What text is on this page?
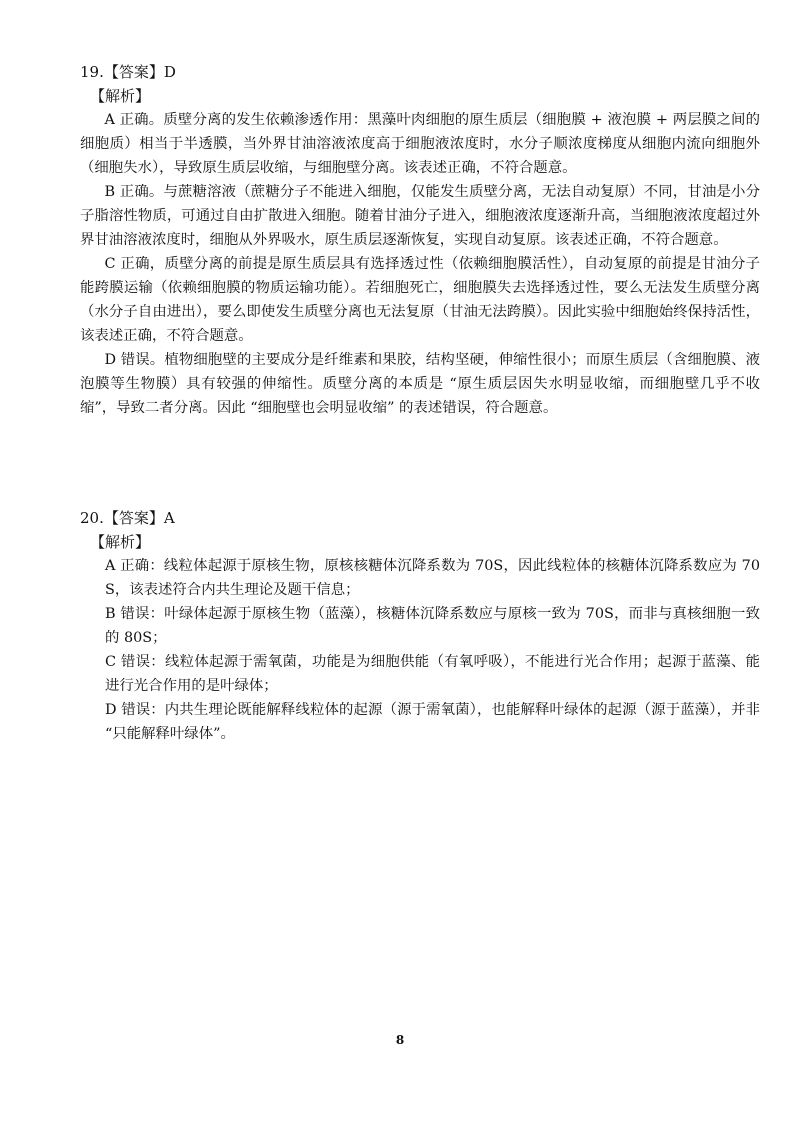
19.【答案】D
【解析】

A 正确。质壁分离的发生依赖渗透作用：黑藻叶肉细胞的原生质层（细胞膜 + 液泡膜 + 两层膜之间的细胞质）相当于半透膜，当外界甘油溶液浓度高于细胞液浓度时，水分子顺浓度梯度从细胞内流向细胞外（细胞失水），导致原生质层收缩，与细胞壁分离。该表述正确，不符合题意。

B 正确。与蔗糖溶液（蔗糖分子不能进入细胞，仅能发生质壁分离，无法自动复原）不同，甘油是小分子脂溶性物质，可通过自由扩散进入细胞。随着甘油分子进入，细胞液浓度逐渐升高，当细胞液浓度超过外界甘油溶液浓度时，细胞从外界吸水，原生质层逐渐恢复，实现自动复原。该表述正确，不符合题意。

C 正确，质壁分离的前提是原生质层具有选择透过性（依赖细胞膜活性），自动复原的前提是甘油分子能跨膜运输（依赖细胞膜的物质运输功能）。若细胞死亡，细胞膜失去选择透过性，要么无法发生质壁分离（水分子自由进出），要么即使发生质壁分离也无法复原（甘油无法跨膜）。因此实验中细胞始终保持活性，该表述正确，不符合题意。

D 错误。植物细胞壁的主要成分是纤维素和果胶，结构坚硬，伸缩性很小；而原生质层（含细胞膜、液泡膜等生物膜）具有较强的伸缩性。质壁分离的本质是 “原生质层因失水明显收缩，而细胞壁几乎不收缩”，导致二者分离。因此 “细胞壁也会明显收缩” 的表述错误，符合题意。

20.【答案】A
【解析】

A 正确：线粒体起源于原核生物，原核核糖体沉降系数为 70S，因此线粒体的核糖体沉降系数应为 70S，该表述符合内共生理论及题干信息；

B 错误：叶绿体起源于原核生物（蓝藻），核糖体沉降系数应与原核一致为 70S，而非与真核细胞一致的 80S；

C 错误：线粒体起源于需氧菌，功能是为细胞供能（有氧呼吸），不能进行光合作用；起源于蓝藻、能进行光合作用的是叶绿体；

D 错误：内共生理论既能解释线粒体的起源（源于需氧菌），也能解释叶绿体的起源（源于蓝藻），并非 “只能解释叶绿体”。

8
